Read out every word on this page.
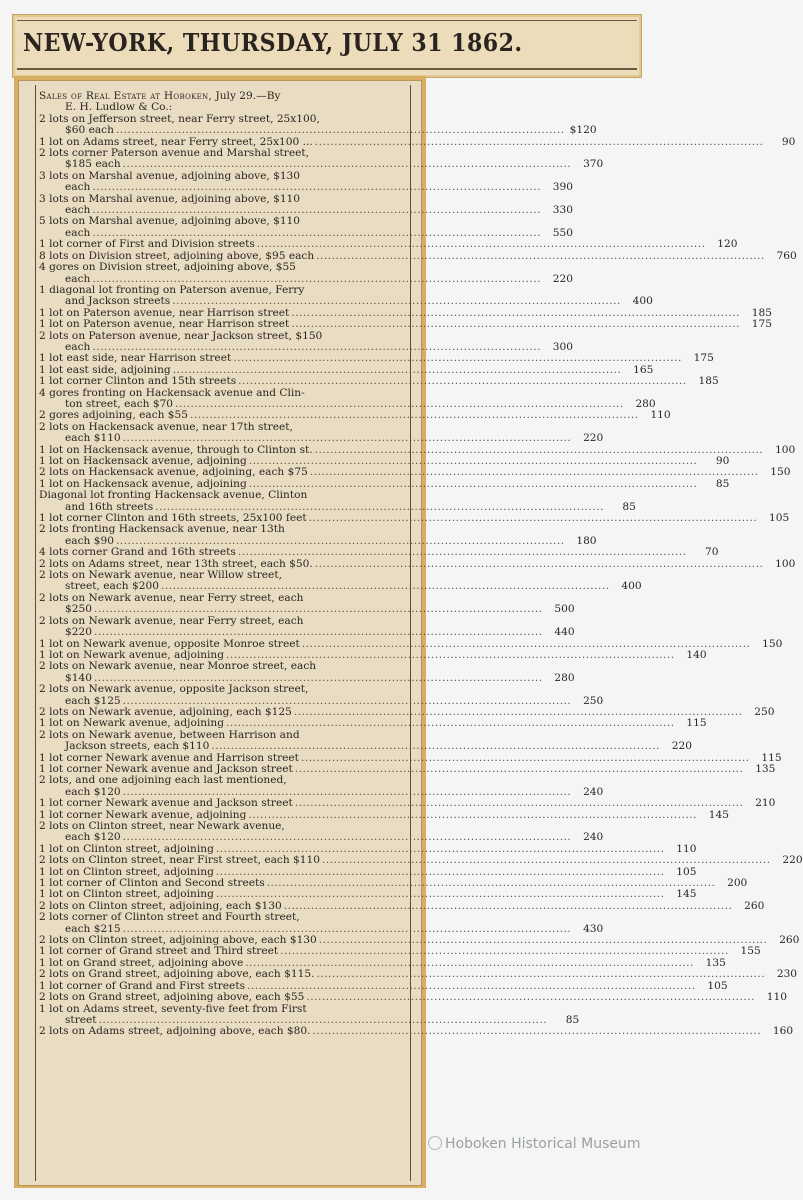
NEW-YORK, THURSDAY, JULY 31 1862.
Sales of Real Estate at Hoboken, July 29.—By
E. H. Ludlow & Co.:
2 lots on Jefferson street, near Ferry street, 25x100,
$60 each .....	$120
1 lot on Adams street, near Ferry street, 25x100 ... .....	90
2 lots corner Paterson avenue and Marshal street,
$185 each .....	370
3 lots on Marshal avenue, adjoining above, $130
each .....	390
3 lots on Marshal avenue, adjoining above, $110
each .....	330
5 lots on Marshal avenue, adjoining above, $110
each .....	550
1 lot corner of First and Division streets .....	120
8 lots on Division street, adjoining above, $95 each .....	760
4 gores on Division street, adjoining above, $55
each .....	220
1 diagonal lot fronting on Paterson avenue, Ferry
and Jackson streets .....	400
1 lot on Paterson avenue, near Harrison street .....	185
1 lot on Paterson avenue, near Harrison street .....	175
2 lots on Paterson avenue, near Jackson street, $150
each .....	300
1 lot east side, near Harrison street .....	175
1 lot east side, adjoining .....	165
1 lot corner Clinton and 15th streets .....	185
4 gores fronting on Hackensack avenue and Clin-
ton street, each $70 .....	280
2 gores adjoining, each $55 .....	110
2 lots on Hackensack avenue, near 17th street,
each $110 .....	220
1 lot on Hackensack avenue, through to Clinton st. .....	100
1 lot on Hackensack avenue, adjoining .....	90
2 lots on Hackensack avenue, adjoining, each $75 .....	150
1 lot on Hackensack avenue, adjoining .....	85
Diagonal lot fronting Hackensack avenue, Clinton
and 16th streets .....	85
1 lot corner Clinton and 16th streets, 25x100 feet .....	105
2 lots fronting Hackensack avenue, near 13th
each $90 .....	180
4 lots corner Grand and 16th streets .....	70
2 lots on Adams street, near 13th street, each $50. .....	100
2 lots on Newark avenue, near Willow street,
street, each $200 .....	400
2 lots on Newark avenue, near Ferry street, each
$250 .....	500
2 lots on Newark avenue, near Ferry street, each
$220 .....	440
1 lot on Newark avenue, opposite Monroe street .....	150
1 lot on Newark avenue, adjoining .....	140
2 lots on Newark avenue, near Monroe street, each
$140 .....	280
2 lots on Newark avenue, opposite Jackson street,
each $125 .....	250
2 lots on Newark avenue, adjoining, each $125 .....	250
1 lot on Newark avenue, adjoining .....	115
2 lots on Newark avenue, between Harrison and
Jackson streets, each $110 .....	220
1 lot corner Newark avenue and Harrison street .....	115
1 lot corner Newark avenue and Jackson street .....	135
2 lots, and one adjoining each last mentioned,
each $120 .....	240
1 lot corner Newark avenue and Jackson street .....	210
1 lot corner Newark avenue, adjoining .....	145
2 lots on Clinton street, near Newark avenue,
each $120 .....	240
1 lot on Clinton street, adjoining .....	110
2 lots on Clinton street, near First street, each $110 .....	220
1 lot on Clinton street, adjoining .....	105
1 lot corner of Clinton and Second streets .....	200
1 lot on Clinton street, adjoining .....	145
2 lots on Clinton street, adjoining, each $130 .....	260
2 lots corner of Clinton street and Fourth street,
each $215 .....	430
2 lots on Clinton street, adjoining above, each $130 .....	260
1 lot corner of Grand street and Third street .....	155
1 lot on Grand street, adjoining above .....	135
2 lots on Grand street, adjoining above, each $115. .....	230
1 lot corner of Grand and First streets .....	105
2 lots on Grand street, adjoining above, each $55 .....	110
1 lot on Adams street, seventy-five feet from First
street .....	85
2 lots on Adams street, adjoining above, each $80. .....	160
Hoboken Historical Museum
